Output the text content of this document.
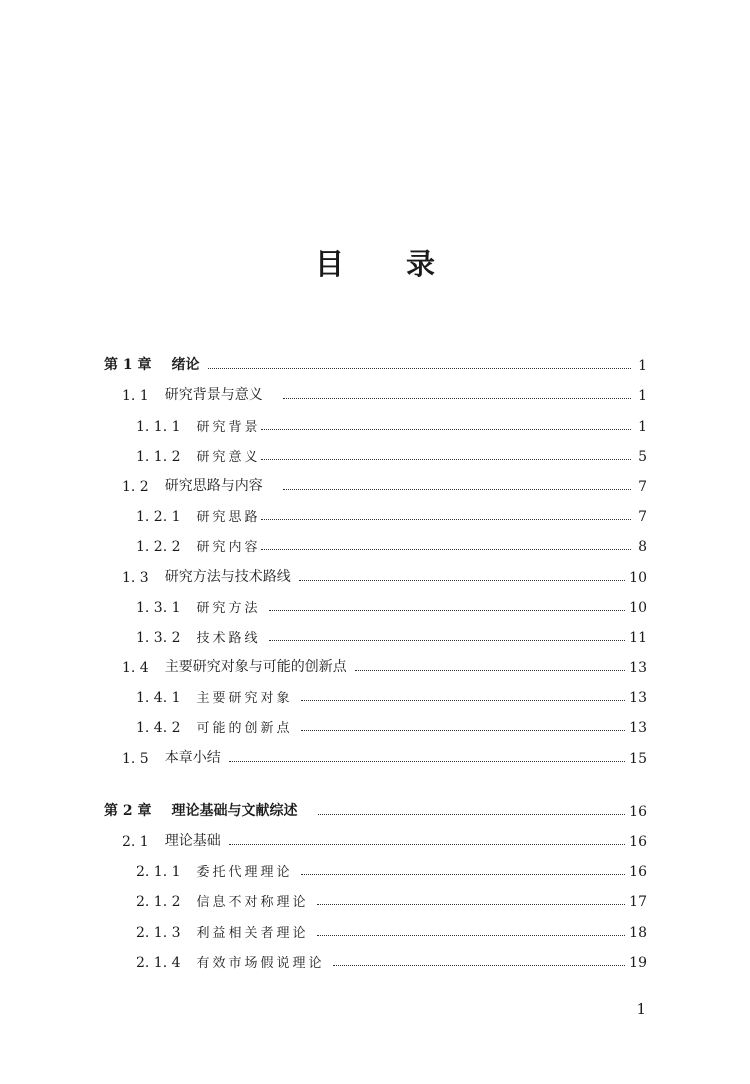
目 录
第 1 章 绪论	1
1. 1 研究背景与意义	1
1. 1. 1 研究背景	1
1. 1. 2 研究意义	5
1. 2 研究思路与内容	7
1. 2. 1 研究思路	7
1. 2. 2 研究内容	8
1. 3 研究方法与技术路线	10
1. 3. 1 研究方法	10
1. 3. 2 技术路线	11
1. 4 主要研究对象与可能的创新点	13
1. 4. 1 主要研究对象	13
1. 4. 2 可能的创新点	13
1. 5 本章小结	15
第 2 章 理论基础与文献综述	16
2. 1 理论基础	16
2. 1. 1 委托代理理论	16
2. 1. 2 信息不对称理论	17
2. 1. 3 利益相关者理论	18
2. 1. 4 有效市场假说理论	19
1
